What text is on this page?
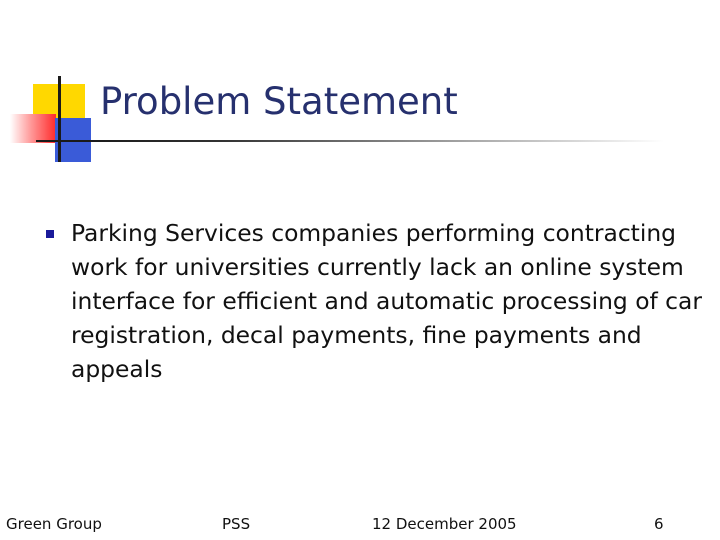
Problem Statement
Parking Services companies performing contracting work for universities currently lack an online system interface for efficient and automatic processing of car registration, decal payments, fine payments and appeals
Green Group	PSS	12 December 2005	6
